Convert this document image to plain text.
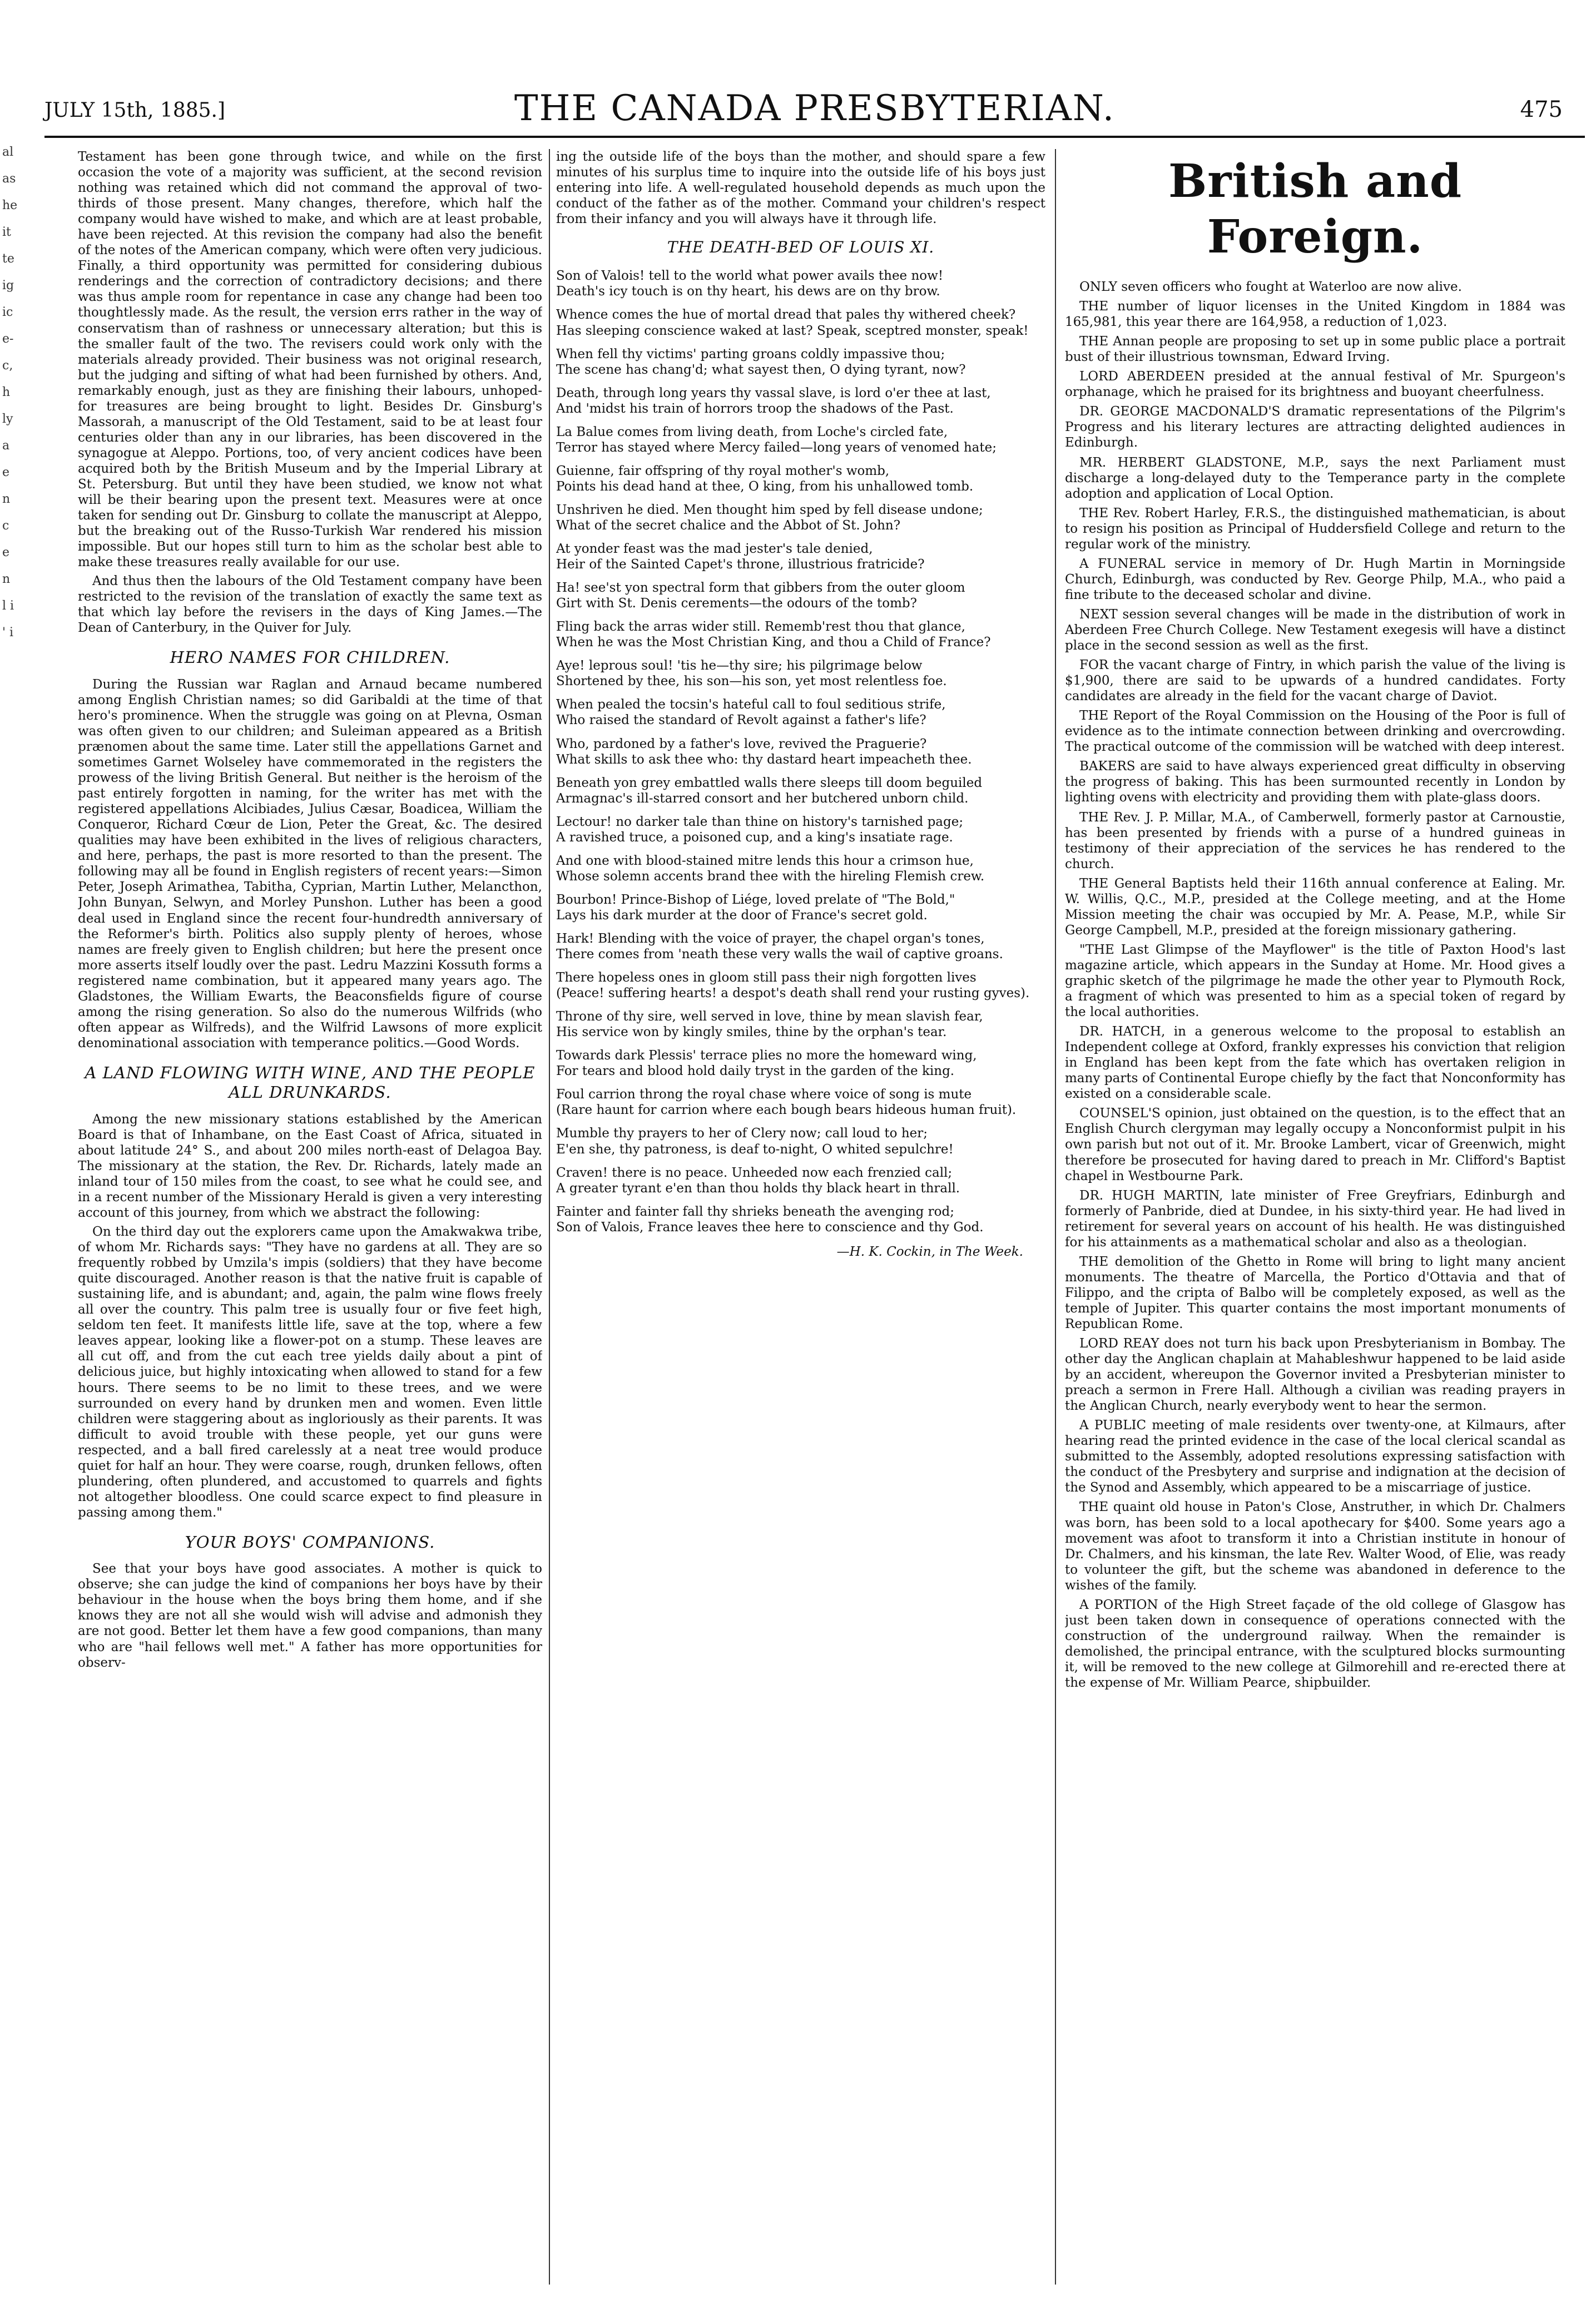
al as he it te ig ic e- c, h ly a e n c e n l i ' i
JULY 15th, 1885.]	THE CANADA PRESBYTERIAN.	475

Testament has been gone through twice, and while on the first occasion the vote of a majority was sufficient, at the second revision nothing was retained which did not command the approval of two-thirds of those present. Many changes, therefore, which half the company would have wished to make, and which are at least probable, have been rejected. At this revision the company had also the benefit of the notes of the American company, which were often very judicious. Finally, a third opportunity was permitted for considering dubious renderings and the correction of contradictory decisions; and there was thus ample room for repentance in case any change had been too thoughtlessly made. As the result, the version errs rather in the way of conservatism than of rashness or unnecessary alteration; but this is the smaller fault of the two. The revisers could work only with the materials already provided. Their business was not original research, but the judging and sifting of what had been furnished by others. And, remarkably enough, just as they are finishing their labours, unhoped-for treasures are being brought to light. Besides Dr. Ginsburg's Massorah, a manuscript of the Old Testament, said to be at least four centuries older than any in our libraries, has been discovered in the synagogue at Aleppo. Portions, too, of very ancient codices have been acquired both by the British Museum and by the Imperial Library at St. Petersburg. But until they have been studied, we know not what will be their bearing upon the present text. Measures were at once taken for sending out Dr. Ginsburg to collate the manuscript at Aleppo, but the breaking out of the Russo-Turkish War rendered his mission impossible. But our hopes still turn to him as the scholar best able to make these treasures really available for our use.

And thus then the labours of the Old Testament company have been restricted to the revision of the translation of exactly the same text as that which lay before the revisers in the days of King James.—The Dean of Canterbury, in the Quiver for July.

HERO NAMES FOR CHILDREN.

During the Russian war Raglan and Arnaud became numbered among English Christian names; so did Garibaldi at the time of that hero's prominence. When the struggle was going on at Plevna, Osman was often given to our children; and Suleiman appeared as a British prænomen about the same time. Later still the appellations Garnet and sometimes Garnet Wolseley have commemorated in the registers the prowess of the living British General. But neither is the heroism of the past entirely forgotten in naming, for the writer has met with the registered appellations Alcibiades, Julius Cæsar, Boadicea, William the Conqueror, Richard Cœur de Lion, Peter the Great, &c. The desired qualities may have been exhibited in the lives of religious characters, and here, perhaps, the past is more resorted to than the present. The following may all be found in English registers of recent years:—Simon Peter, Joseph Arimathea, Tabitha, Cyprian, Martin Luther, Melancthon, John Bunyan, Selwyn, and Morley Punshon. Luther has been a good deal used in England since the recent four-hundredth anniversary of the Reformer's birth. Politics also supply plenty of heroes, whose names are freely given to English children; but here the present once more asserts itself loudly over the past. Ledru Mazzini Kossuth forms a registered name combination, but it appeared many years ago. The Gladstones, the William Ewarts, the Beaconsfields figure of course among the rising generation. So also do the numerous Wilfrids (who often appear as Wilfreds), and the Wilfrid Lawsons of more explicit denominational association with temperance politics.—Good Words.

A LAND FLOWING WITH WINE, AND THE PEOPLE ALL DRUNKARDS.

Among the new missionary stations established by the American Board is that of Inhambane, on the East Coast of Africa, situated in about latitude 24° S., and about 200 miles north-east of Delagoa Bay. The missionary at the station, the Rev. Dr. Richards, lately made an inland tour of 150 miles from the coast, to see what he could see, and in a recent number of the Missionary Herald is given a very interesting account of this journey, from which we abstract the following:

On the third day out the explorers came upon the Amakwakwa tribe, of whom Mr. Richards says: "They have no gardens at all. They are so frequently robbed by Umzila's impis (soldiers) that they have become quite discouraged. Another reason is that the native fruit is capable of sustaining life, and is abundant; and, again, the palm wine flows freely all over the country. This palm tree is usually four or five feet high, seldom ten feet. It manifests little life, save at the top, where a few leaves appear, looking like a flower-pot on a stump. These leaves are all cut off, and from the cut each tree yields daily about a pint of delicious juice, but highly intoxicating when allowed to stand for a few hours. There seems to be no limit to these trees, and we were surrounded on every hand by drunken men and women. Even little children were staggering about as ingloriously as their parents. It was difficult to avoid trouble with these people, yet our guns were respected, and a ball fired carelessly at a neat tree would produce quiet for half an hour. They were coarse, rough, drunken fellows, often plundering, often plundered, and accustomed to quarrels and fights not altogether bloodless. One could scarce expect to find pleasure in passing among them."

YOUR BOYS' COMPANIONS.

See that your boys have good associates. A mother is quick to observe; she can judge the kind of companions her boys have by their behaviour in the house when the boys bring them home, and if she knows they are not all she would wish will advise and admonish they are not good. Better let them have a few good companions, than many who are "hail fellows well met." A father has more opportunities for observ-

ing the outside life of the boys than the mother, and should spare a few minutes of his surplus time to inquire into the outside life of his boys just entering into life. A well-regulated household depends as much upon the conduct of the father as of the mother. Command your children's respect from their infancy and you will always have it through life.

THE DEATH-BED OF LOUIS XI.
Son of Valois! tell to the world what power avails thee now!
Death's icy touch is on thy heart, his dews are on thy brow.
Whence comes the hue of mortal dread that pales thy withered cheek?
Has sleeping conscience waked at last? Speak, sceptred monster, speak!
When fell thy victims' parting groans coldly impassive thou;
The scene has chang'd; what sayest then, O dying tyrant, now?
Death, through long years thy vassal slave, is lord o'er thee at last,
And 'midst his train of horrors troop the shadows of the Past.
La Balue comes from living death, from Loche's circled fate,
Terror has stayed where Mercy failed—long years of venomed hate;
Guienne, fair offspring of thy royal mother's womb,
Points his dead hand at thee, O king, from his unhallowed tomb.
Unshriven he died. Men thought him sped by fell disease undone;
What of the secret chalice and the Abbot of St. John?
At yonder feast was the mad jester's tale denied,
Heir of the Sainted Capet's throne, illustrious fratricide?
Ha! see'st yon spectral form that gibbers from the outer gloom
Girt with St. Denis cerements—the odours of the tomb?
Fling back the arras wider still. Rememb'rest thou that glance,
When he was the Most Christian King, and thou a Child of France?
Aye! leprous soul! 'tis he—thy sire; his pilgrimage below
Shortened by thee, his son—his son, yet most relentless foe.
When pealed the tocsin's hateful call to foul seditious strife,
Who raised the standard of Revolt against a father's life?
Who, pardoned by a father's love, revived the Praguerie?
What skills to ask thee who: thy dastard heart impeacheth thee.
Beneath yon grey embattled walls there sleeps till doom beguiled
Armagnac's ill-starred consort and her butchered unborn child.
Lectour! no darker tale than thine on history's tarnished page;
A ravished truce, a poisoned cup, and a king's insatiate rage.
And one with blood-stained mitre lends this hour a crimson hue,
Whose solemn accents brand thee with the hireling Flemish crew.
Bourbon! Prince-Bishop of Liége, loved prelate of "The Bold,"
Lays his dark murder at the door of France's secret gold.
Hark! Blending with the voice of prayer, the chapel organ's tones,
There comes from 'neath these very walls the wail of captive groans.
There hopeless ones in gloom still pass their nigh forgotten lives
(Peace! suffering hearts! a despot's death shall rend your rusting gyves).
Throne of thy sire, well served in love, thine by mean slavish fear,
His service won by kingly smiles, thine by the orphan's tear.
Towards dark Plessis' terrace plies no more the homeward wing,
For tears and blood hold daily tryst in the garden of the king.
Foul carrion throng the royal chase where voice of song is mute
(Rare haunt for carrion where each bough bears hideous human fruit).
Mumble thy prayers to her of Clery now; call loud to her;
E'en she, thy patroness, is deaf to-night, O whited sepulchre!
Craven! there is no peace. Unheeded now each frenzied call;
A greater tyrant e'en than thou holds thy black heart in thrall.
Fainter and fainter fall thy shrieks beneath the avenging rod;
Son of Valois, France leaves thee here to conscience and thy God.
—H. K. Cockin, in The Week.
British and Foreign.

ONLY seven officers who fought at Waterloo are now alive.

THE number of liquor licenses in the United Kingdom in 1884 was 165,981, this year there are 164,958, a reduction of 1,023.

THE Annan people are proposing to set up in some public place a portrait bust of their illustrious townsman, Edward Irving.

LORD ABERDEEN presided at the annual festival of Mr. Spurgeon's orphanage, which he praised for its brightness and buoyant cheerfulness.

DR. GEORGE MACDONALD'S dramatic representations of the Pilgrim's Progress and his literary lectures are attracting delighted audiences in Edinburgh.

MR. HERBERT GLADSTONE, M.P., says the next Parliament must discharge a long-delayed duty to the Temperance party in the complete adoption and application of Local Option.

THE Rev. Robert Harley, F.R.S., the distinguished mathematician, is about to resign his position as Principal of Huddersfield College and return to the regular work of the ministry.

A FUNERAL service in memory of Dr. Hugh Martin in Morningside Church, Edinburgh, was conducted by Rev. George Philp, M.A., who paid a fine tribute to the deceased scholar and divine.

NEXT session several changes will be made in the distribution of work in Aberdeen Free Church College. New Testament exegesis will have a distinct place in the second session as well as the first.

FOR the vacant charge of Fintry, in which parish the value of the living is $1,900, there are said to be upwards of a hundred candidates. Forty candidates are already in the field for the vacant charge of Daviot.

THE Report of the Royal Commission on the Housing of the Poor is full of evidence as to the intimate connection between drinking and overcrowding. The practical outcome of the commission will be watched with deep interest.

BAKERS are said to have always experienced great difficulty in observing the progress of baking. This has been surmounted recently in London by lighting ovens with electricity and providing them with plate-glass doors.

THE Rev. J. P. Millar, M.A., of Camberwell, formerly pastor at Carnoustie, has been presented by friends with a purse of a hundred guineas in testimony of their appreciation of the services he has rendered to the church.

THE General Baptists held their 116th annual conference at Ealing. Mr. W. Willis, Q.C., M.P., presided at the College meeting, and at the Home Mission meeting the chair was occupied by Mr. A. Pease, M.P., while Sir George Campbell, M.P., presided at the foreign missionary gathering.

"THE Last Glimpse of the Mayflower" is the title of Paxton Hood's last magazine article, which appears in the Sunday at Home. Mr. Hood gives a graphic sketch of the pilgrimage he made the other year to Plymouth Rock, a fragment of which was presented to him as a special token of regard by the local authorities.

DR. HATCH, in a generous welcome to the proposal to establish an Independent college at Oxford, frankly expresses his conviction that religion in England has been kept from the fate which has overtaken religion in many parts of Continental Europe chiefly by the fact that Nonconformity has existed on a considerable scale.

COUNSEL'S opinion, just obtained on the question, is to the effect that an English Church clergyman may legally occupy a Nonconformist pulpit in his own parish but not out of it. Mr. Brooke Lambert, vicar of Greenwich, might therefore be prosecuted for having dared to preach in Mr. Clifford's Baptist chapel in Westbourne Park.

DR. HUGH MARTIN, late minister of Free Greyfriars, Edinburgh and formerly of Panbride, died at Dundee, in his sixty-third year. He had lived in retirement for several years on account of his health. He was distinguished for his attainments as a mathematical scholar and also as a theologian.

THE demolition of the Ghetto in Rome will bring to light many ancient monuments. The theatre of Marcella, the Portico d'Ottavia and that of Filippo, and the cripta of Balbo will be completely exposed, as well as the temple of Jupiter. This quarter contains the most important monuments of Republican Rome.

LORD REAY does not turn his back upon Presbyterianism in Bombay. The other day the Anglican chaplain at Mahableshwur happened to be laid aside by an accident, whereupon the Governor invited a Presbyterian minister to preach a sermon in Frere Hall. Although a civilian was reading prayers in the Anglican Church, nearly everybody went to hear the sermon.

A PUBLIC meeting of male residents over twenty-one, at Kilmaurs, after hearing read the printed evidence in the case of the local clerical scandal as submitted to the Assembly, adopted resolutions expressing satisfaction with the conduct of the Presbytery and surprise and indignation at the decision of the Synod and Assembly, which appeared to be a miscarriage of justice.

THE quaint old house in Paton's Close, Anstruther, in which Dr. Chalmers was born, has been sold to a local apothecary for $400. Some years ago a movement was afoot to transform it into a Christian institute in honour of Dr. Chalmers, and his kinsman, the late Rev. Walter Wood, of Elie, was ready to volunteer the gift, but the scheme was abandoned in deference to the wishes of the family.

A PORTION of the High Street façade of the old college of Glasgow has just been taken down in consequence of operations connected with the construction of the underground railway. When the remainder is demolished, the principal entrance, with the sculptured blocks surmounting it, will be removed to the new college at Gilmorehill and re-erected there at the expense of Mr. William Pearce, shipbuilder.
